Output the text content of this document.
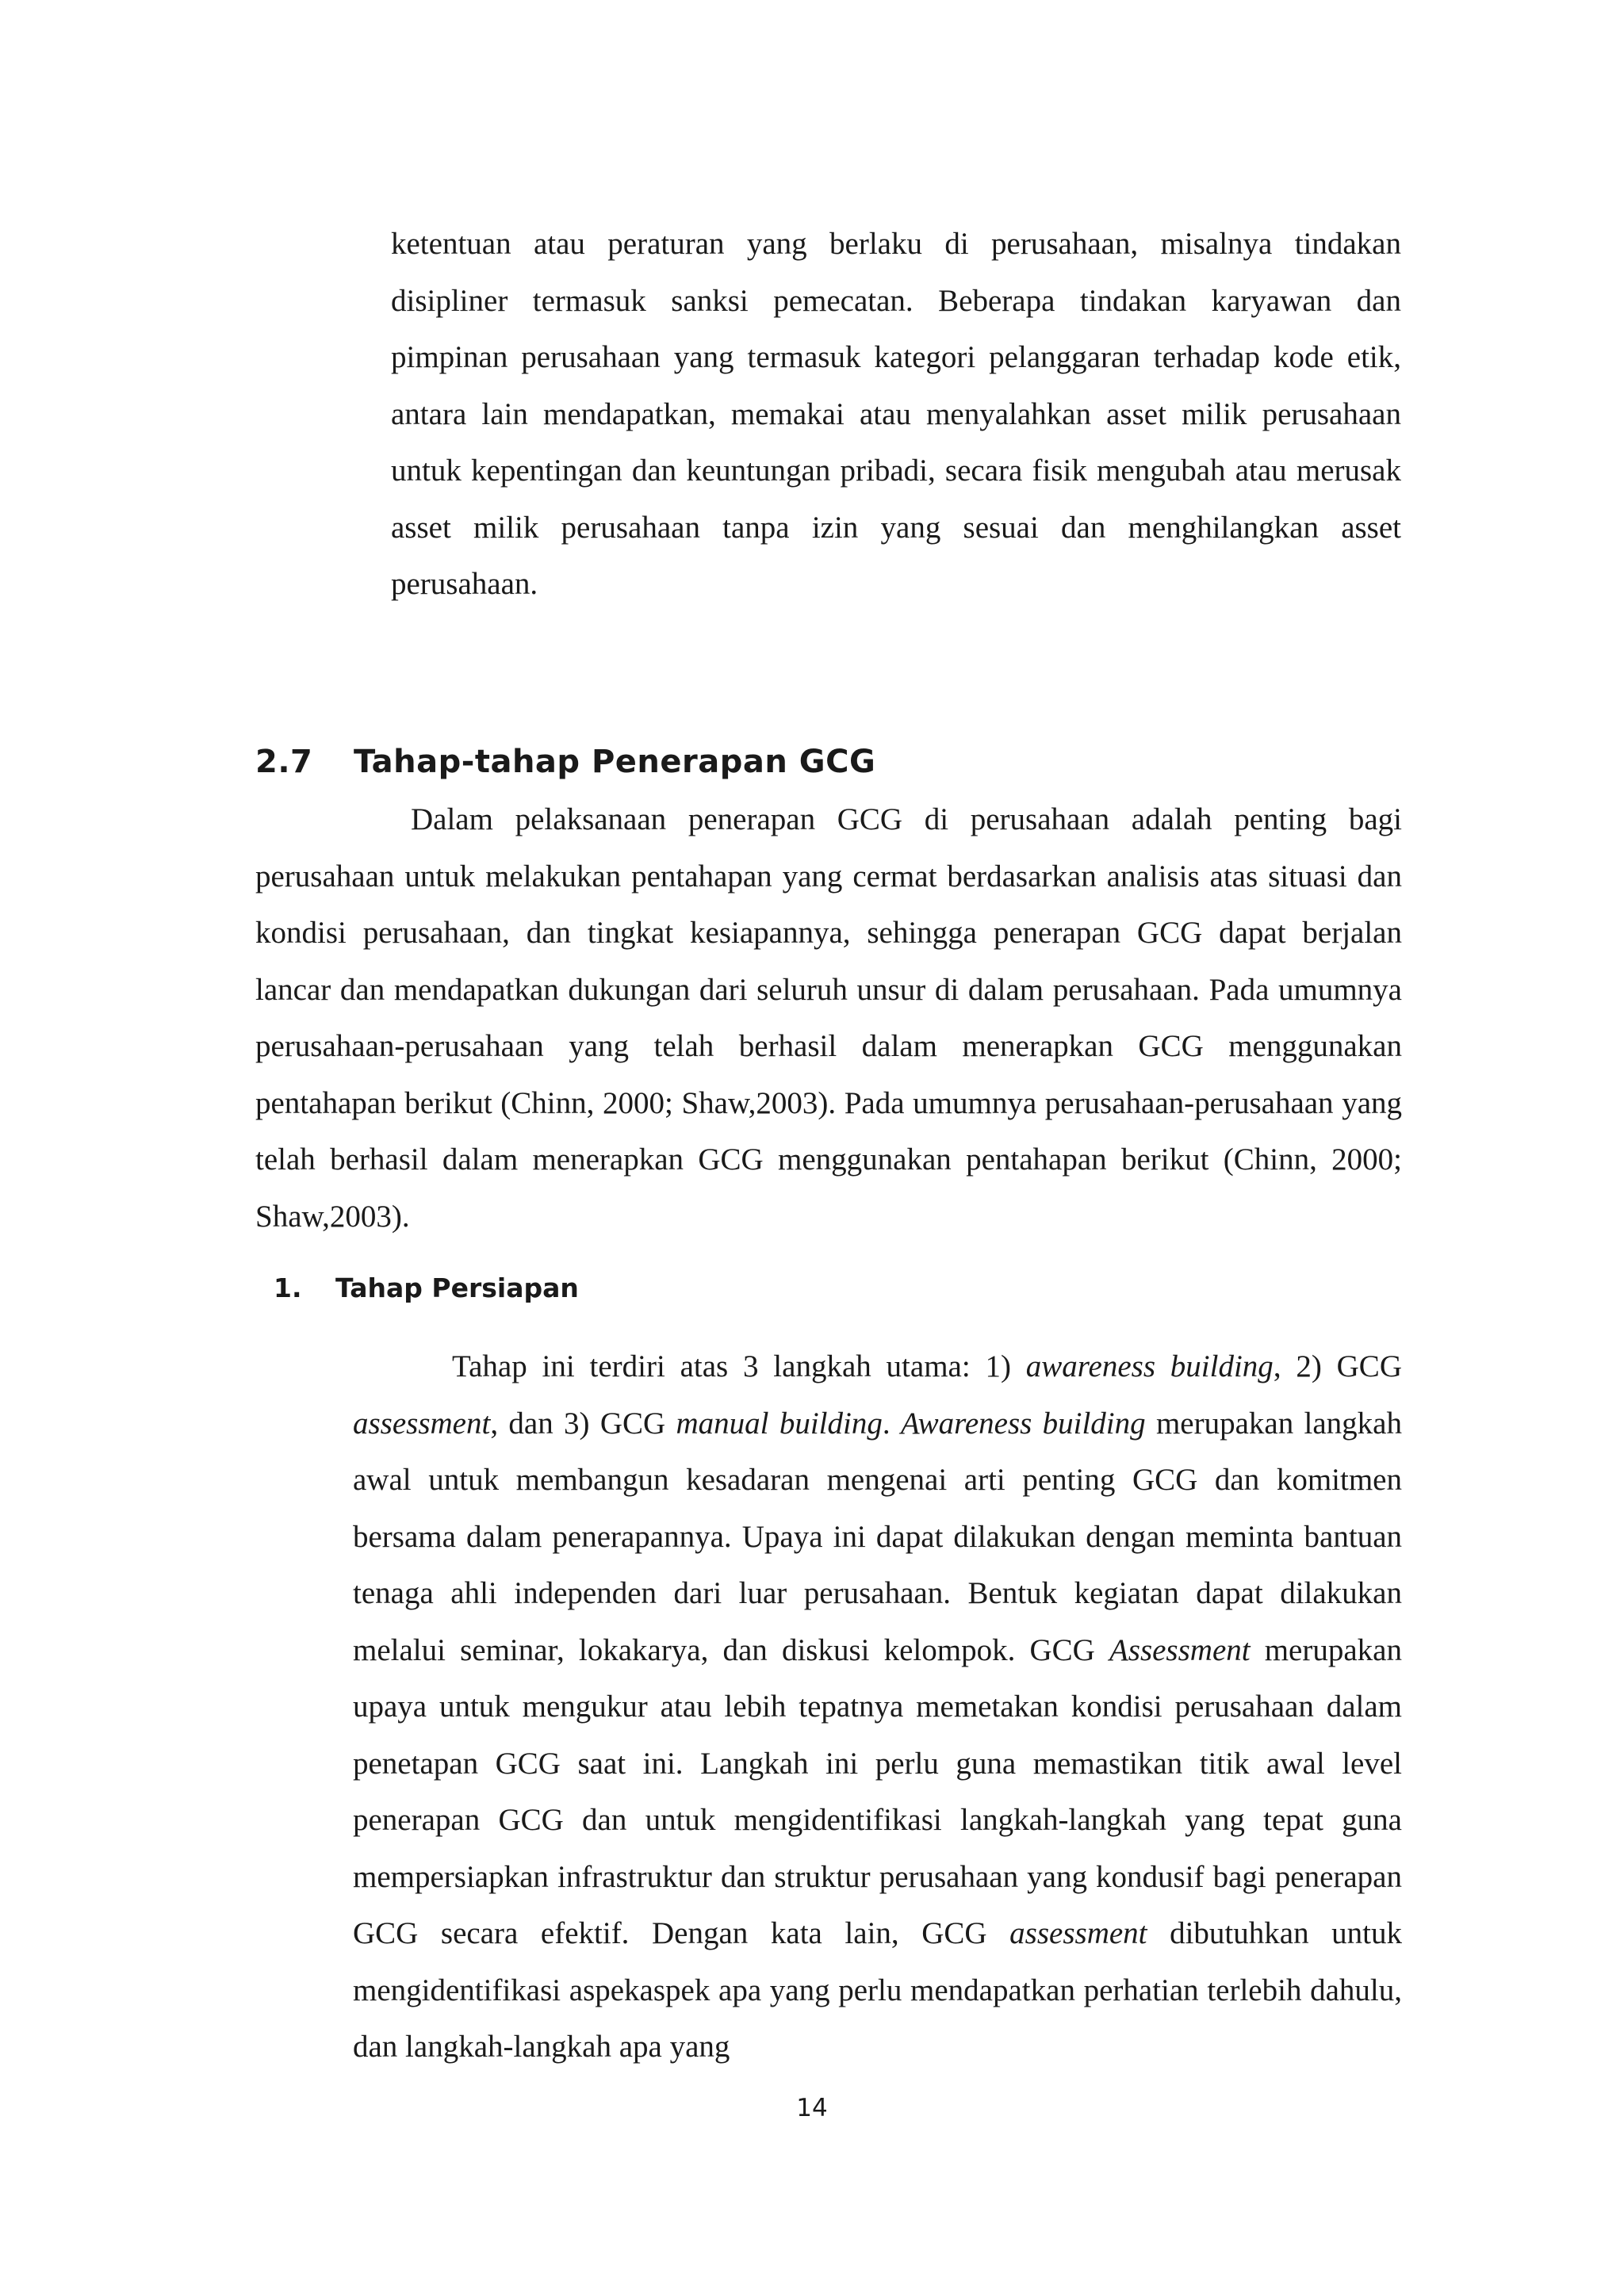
ketentuan atau peraturan yang berlaku di perusahaan, misalnya tindakan disipliner termasuk sanksi pemecatan. Beberapa tindakan karyawan dan pimpinan perusahaan yang termasuk kategori pelanggaran terhadap kode etik, antara lain mendapatkan, memakai atau menyalahkan asset milik perusahaan untuk kepentingan dan keuntungan pribadi, secara fisik mengubah atau merusak asset milik perusahaan tanpa izin yang sesuai dan menghilangkan asset perusahaan.

2.7 Tahap-tahap Penerapan GCG

Dalam pelaksanaan penerapan GCG di perusahaan adalah penting bagi perusahaan untuk melakukan pentahapan yang cermat berdasarkan analisis atas situasi dan kondisi perusahaan, dan tingkat kesiapannya, sehingga penerapan GCG dapat berjalan lancar dan mendapatkan dukungan dari seluruh unsur di dalam perusahaan. Pada umumnya perusahaan-perusahaan yang telah berhasil dalam menerapkan GCG menggunakan pentahapan berikut (Chinn, 2000; Shaw,2003). Pada umumnya perusahaan-perusahaan yang telah berhasil dalam menerapkan GCG menggunakan pentahapan berikut (Chinn, 2000; Shaw,2003).

1. Tahap Persiapan

Tahap ini terdiri atas 3 langkah utama: 1) awareness building, 2) GCG assessment, dan 3) GCG manual building. Awareness building merupakan langkah awal untuk membangun kesadaran mengenai arti penting GCG dan komitmen bersama dalam penerapannya. Upaya ini dapat dilakukan dengan meminta bantuan tenaga ahli independen dari luar perusahaan. Bentuk kegiatan dapat dilakukan melalui seminar, lokakarya, dan diskusi kelompok. GCG Assessment merupakan upaya untuk mengukur atau lebih tepatnya memetakan kondisi perusahaan dalam penetapan GCG saat ini. Langkah ini perlu guna memastikan titik awal level penerapan GCG dan untuk mengidentifikasi langkah-langkah yang tepat guna mempersiapkan infrastruktur dan struktur perusahaan yang kondusif bagi penerapan GCG secara efektif. Dengan kata lain, GCG assessment dibutuhkan untuk mengidentifikasi aspekaspek apa yang perlu mendapatkan perhatian terlebih dahulu, dan langkah-langkah apa yang

14
